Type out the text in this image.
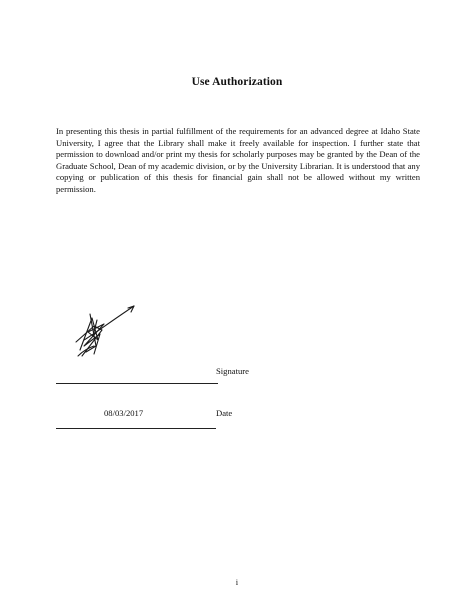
Use Authorization
In presenting this thesis in partial fulfillment of the requirements for an advanced degree at Idaho State University, I agree that the Library shall make it freely available for inspection. I further state that permission to download and/or print my thesis for scholarly purposes may be granted by the Dean of the Graduate School, Dean of my academic division, or by the University Librarian. It is understood that any copying or publication of this thesis for financial gain shall not be allowed without my written permission.
Signature
08/03/2017	Date
i
